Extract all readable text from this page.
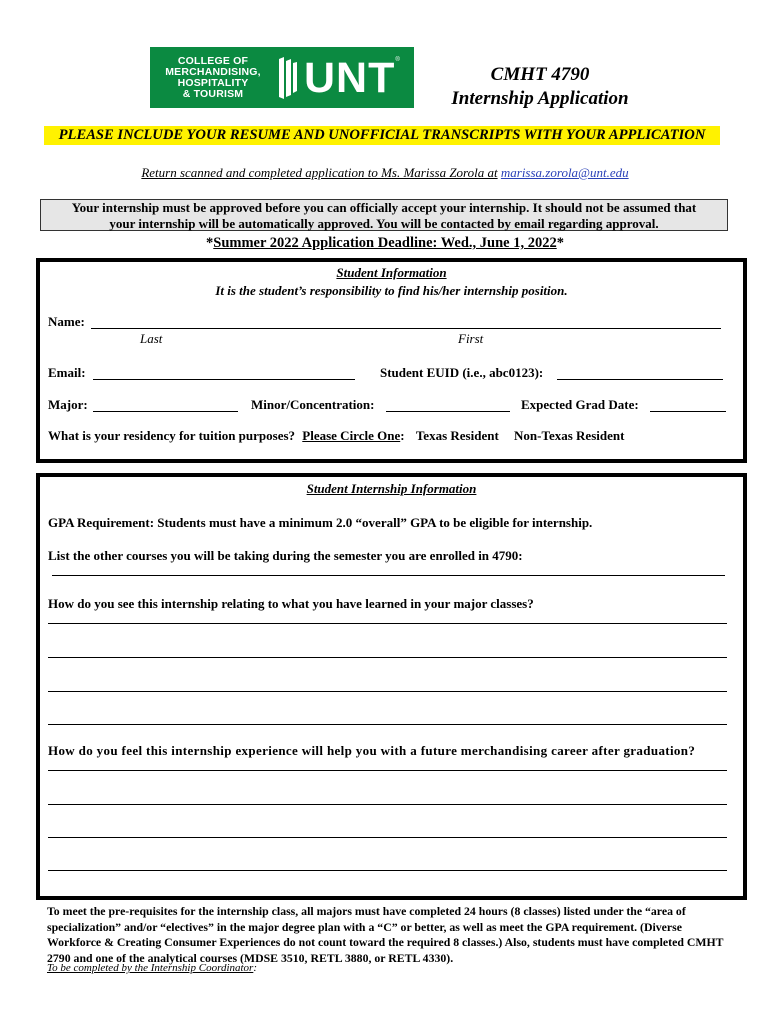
COLLEGE OF
MERCHANDISING,
HOSPITALITY
& TOURISM	UNT ®
CMHT 4790
Internship Application
PLEASE INCLUDE YOUR RESUME AND UNOFFICIAL TRANSCRIPTS WITH YOUR APPLICATION
Return scanned and completed application to Ms. Marissa Zorola at marissa.zorola@unt.edu
Your internship must be approved before you can officially accept your internship. It should not be assumed that
your internship will be automatically approved. You will be contacted by email regarding approval.
*Summer 2022 Application Deadline: Wed., June 1, 2022*
Student Information
It is the student’s responsibility to find his/her internship position.
Name:
Last	First
Email:	Student EUID (i.e., abc0123):
Major:	Minor/Concentration:	Expected Grad Date:
What is your residency for tuition purposes? Please Circle One: Texas Resident Non-Texas Resident
Student Internship Information
GPA Requirement: Students must have a minimum 2.0 “overall” GPA to be eligible for internship.
List the other courses you will be taking during the semester you are enrolled in 4790:
How do you see this internship relating to what you have learned in your major classes?
How do you feel this internship experience will help you with a future merchandising career after graduation?
To meet the pre-requisites for the internship class, all majors must have completed 24 hours (8 classes) listed under the “area of specialization” and/or “electives” in the major degree plan with a “C” or better, as well as meet the GPA requirement. (Diverse Workforce & Creating Consumer Experiences do not count toward the required 8 classes.) Also, students must have completed CMHT 2790 and one of the analytical courses (MDSE 3510, RETL 3880, or RETL 4330).
To be completed by the Internship Coordinator:
